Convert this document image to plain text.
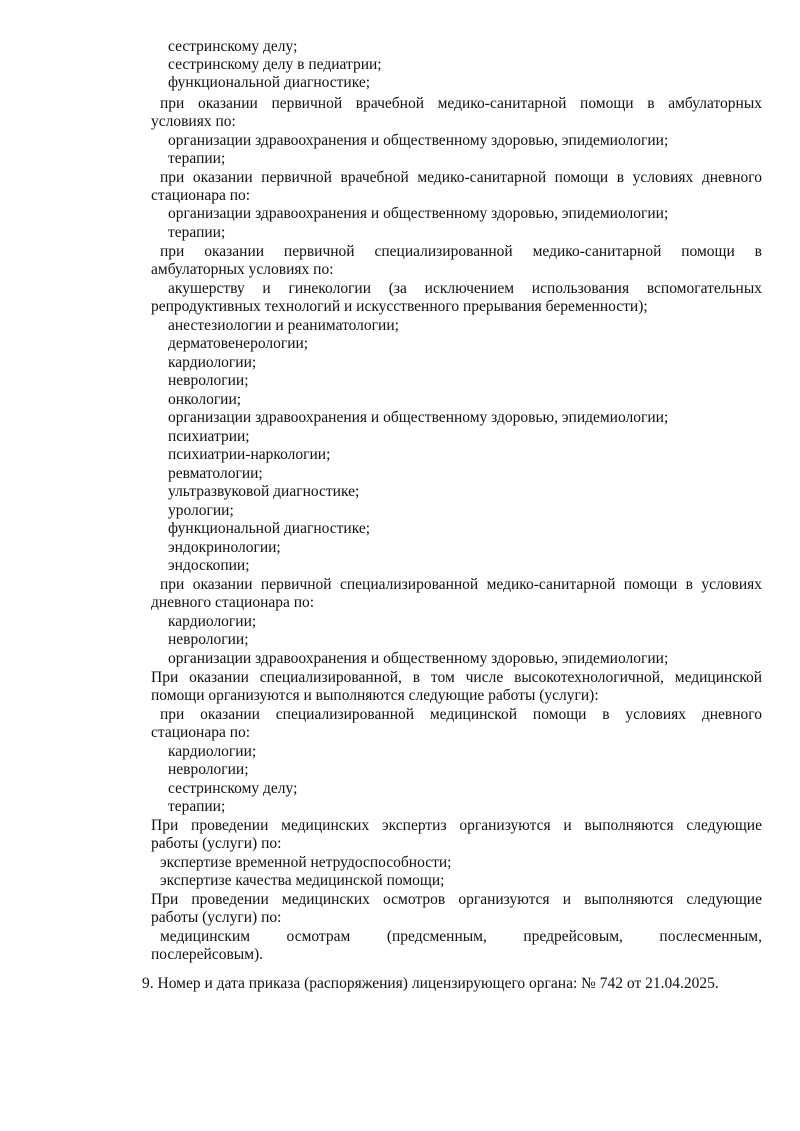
сестринскому делу;
сестринскому делу в педиатрии;
функциональной диагностике;
при оказании первичной врачебной медико-санитарной помощи в амбулаторных
условиях по:
организации здравоохранения и общественному здоровью, эпидемиологии;
терапии;
при оказании первичной врачебной медико-санитарной помощи в условиях дневного
стационара по:
организации здравоохранения и общественному здоровью, эпидемиологии;
терапии;
при оказании первичной специализированной медико-санитарной помощи в
амбулаторных условиях по:
акушерству и гинекологии (за исключением использования вспомогательных
репродуктивных технологий и искусственного прерывания беременности);
анестезиологии и реаниматологии;
дерматовенерологии;
кардиологии;
неврологии;
онкологии;
организации здравоохранения и общественному здоровью, эпидемиологии;
психиатрии;
психиатрии-наркологии;
ревматологии;
ультразвуковой диагностике;
урологии;
функциональной диагностике;
эндокринологии;
эндоскопии;
при оказании первичной специализированной медико-санитарной помощи в условиях
дневного стационара по:
кардиологии;
неврологии;
организации здравоохранения и общественному здоровью, эпидемиологии;
При оказании специализированной, в том числе высокотехнологичной, медицинской
помощи организуются и выполняются следующие работы (услуги):
при оказании специализированной медицинской помощи в условиях дневного
стационара по:
кардиологии;
неврологии;
сестринскому делу;
терапии;
При проведении медицинских экспертиз организуются и выполняются следующие
работы (услуги) по:
экспертизе временной нетрудоспособности;
экспертизе качества медицинской помощи;
При проведении медицинских осмотров организуются и выполняются следующие
работы (услуги) по:
медицинским осмотрам (предсменным, предрейсовым, послесменным,
послерейсовым).
9. Номер и дата приказа (распоряжения) лицензирующего органа: № 742 от 21.04.2025.
